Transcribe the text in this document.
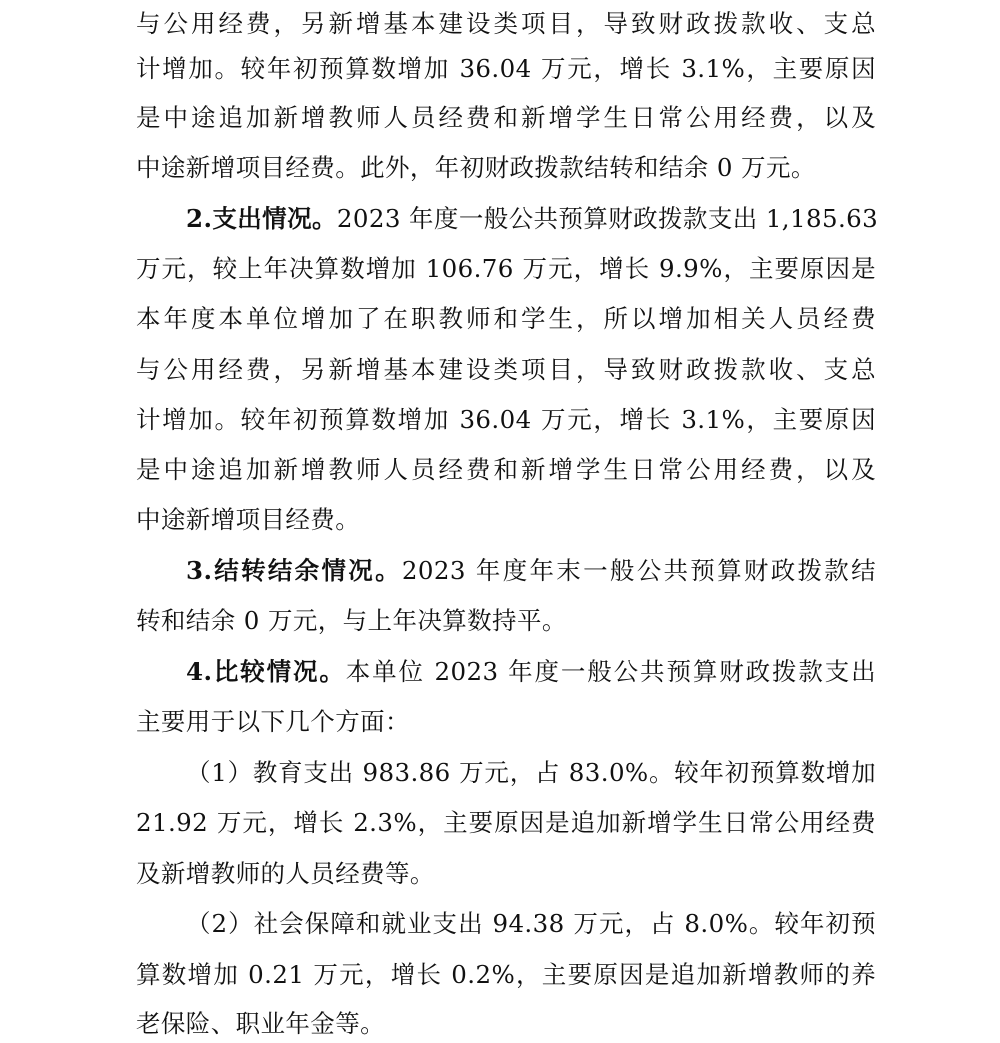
与公用经费，另新增基本建设类项目，导致财政拨款收、支总
计增加。较年初预算数增加 36.04 万元，增长 3.1%，主要原因
是中途追加新增教师人员经费和新增学生日常公用经费，以及
中途新增项目经费。此外，年初财政拨款结转和结余 0 万元。
2.支出情况。2023 年度一般公共预算财政拨款支出 1,185.63
万元，较上年决算数增加 106.76 万元，增长 9.9%，主要原因是
本年度本单位增加了在职教师和学生，所以增加相关人员经费
与公用经费，另新增基本建设类项目，导致财政拨款收、支总
计增加。较年初预算数增加 36.04 万元，增长 3.1%，主要原因
是中途追加新增教师人员经费和新增学生日常公用经费，以及
中途新增项目经费。
3.结转结余情况。2023 年度年末一般公共预算财政拨款结
转和结余 0 万元，与上年决算数持平。
4.比较情况。本单位 2023 年度一般公共预算财政拨款支出
主要用于以下几个方面：
（1）教育支出 983.86 万元，占 83.0%。较年初预算数增加
21.92 万元，增长 2.3%，主要原因是追加新增学生日常公用经费
及新增教师的人员经费等。
（2）社会保障和就业支出 94.38 万元，占 8.0%。较年初预
算数增加 0.21 万元，增长 0.2%，主要原因是追加新增教师的养
老保险、职业年金等。
